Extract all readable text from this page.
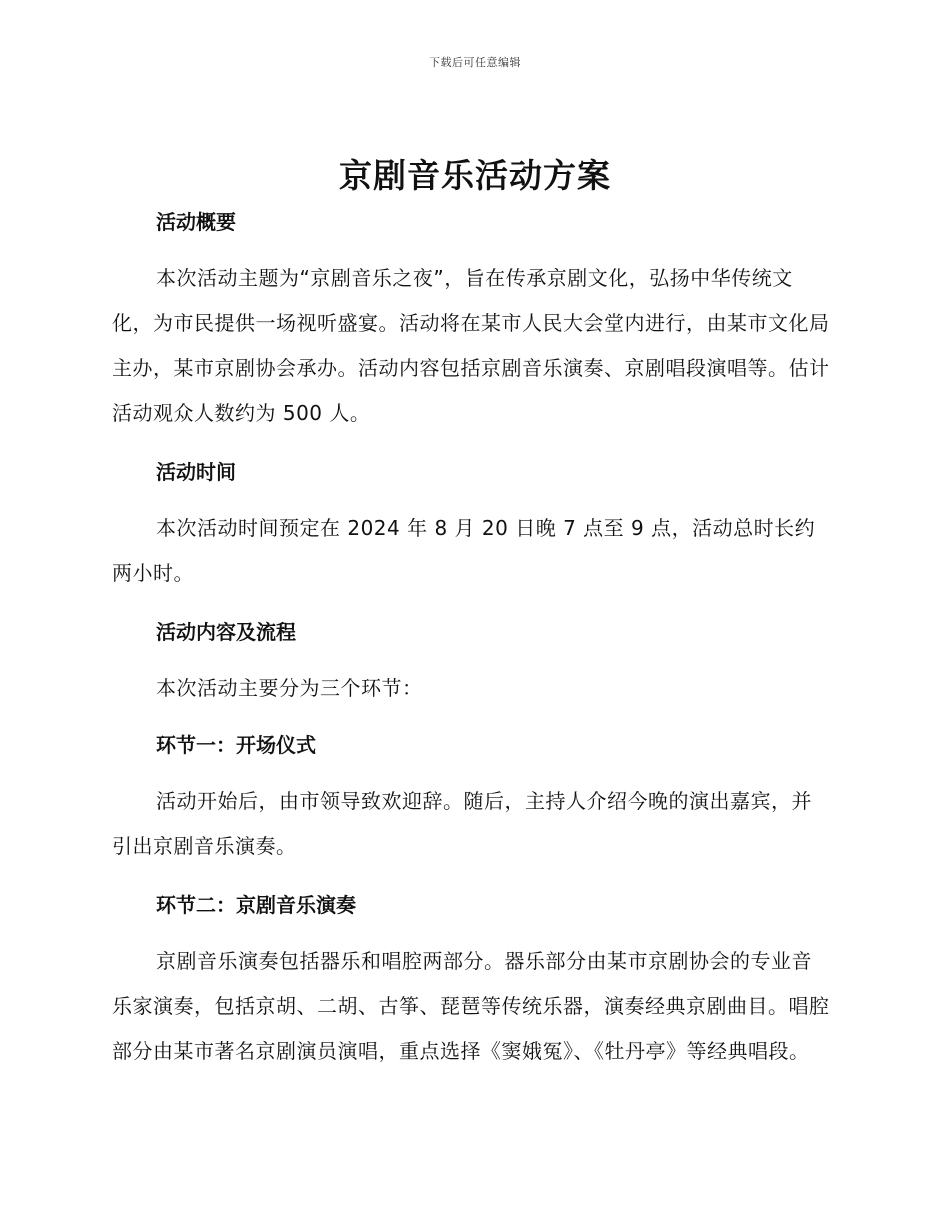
下载后可任意编辑
京剧音乐活动方案

活动概要

本次活动主题为“京剧音乐之夜”，旨在传承京剧文化，弘扬中华传统文化，为市民提供一场视听盛宴。活动将在某市人民大会堂内进行，由某市文化局主办，某市京剧协会承办。活动内容包括京剧音乐演奏、京剧唱段演唱等。估计活动观众人数约为 500 人。

活动时间

本次活动时间预定在 2024 年 8 月 20 日晚 7 点至 9 点，活动总时长约两小时。

活动内容及流程

本次活动主要分为三个环节：

环节一：开场仪式

活动开始后，由市领导致欢迎辞。随后，主持人介绍今晚的演出嘉宾，并引出京剧音乐演奏。

环节二：京剧音乐演奏

京剧音乐演奏包括器乐和唱腔两部分。器乐部分由某市京剧协会的专业音乐家演奏，包括京胡、二胡、古筝、琵琶等传统乐器，演奏经典京剧曲目。唱腔部分由某市著名京剧演员演唱，重点选择《窦娥冤》、《牡丹亭》等经典唱段。
